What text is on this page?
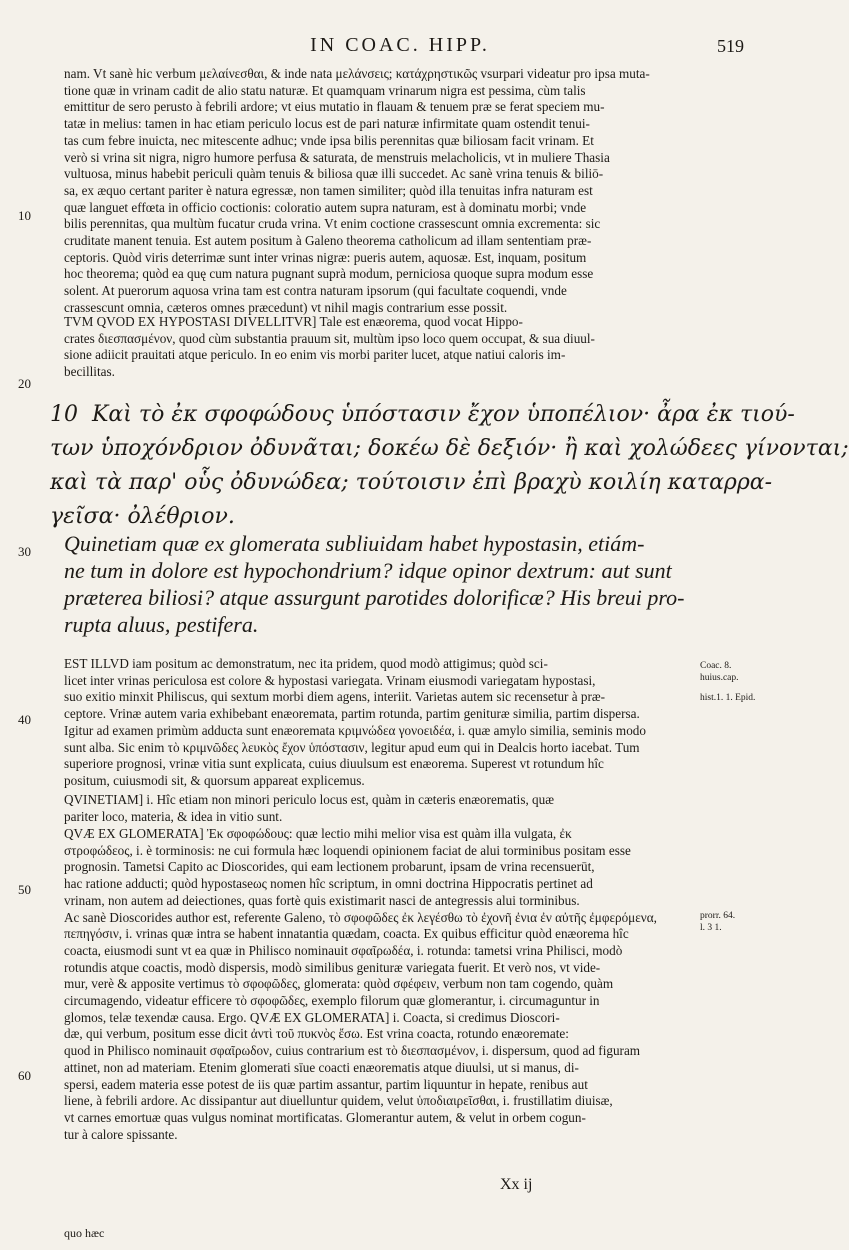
IN COAC. HIPP.	519
nam. Vt sanè hic verbum μελαίνεσθαι, & inde nata μελάνσεις; κατάχρηστικῶς vsurpari videatur pro ipsa muta-
tione quæ in vrinam cadit de alio statu naturæ. Et quamquam vrinarum nigra est pessima, cùm talis
emittitur de sero perusto à febrili ardore; vt eius mutatio in flauam & tenuem præ se ferat speciem mu-
tatæ in melius: tamen in hac etiam periculo locus est de pari naturæ infirmitate quam ostendit tenui-
tas cum febre inuicta, nec mitescente adhuc; vnde ipsa bilis perennitas quæ biliosam facit vrinam. Et
verò si vrina sit nigra, nigro humore perfusa & saturata, de menstruis melacholicis, vt in muliere Thasia
vultuosa, minus habebit periculi quàm tenuis & biliosa quæ illi succedet. Ac sanè vrina tenuis & biliō-
sa, ex æquo certant pariter è natura egressæ, non tamen similiter; quòd illa tenuitas infra naturam est
quæ languet effœta in officio coctionis: coloratio autem supra naturam, est à dominatu morbi; vnde
bilis perennitas, qua multùm fucatur cruda vrina. Vt enim coctione crassescunt omnia excrementa: sic
cruditate manent tenuia. Est autem positum à Galeno theorema catholicum ad illam sententiam præ-
ceptoris. Quòd viris deterrimæ sunt inter vrinas nigræ: pueris autem, aquosæ. Est, inquam, positum
hoc theorema; quòd ea quę cum natura pugnant suprà modum, perniciosa quoque supra modum esse
solent. At puerorum aquosa vrina tam est contra naturam ipsorum (qui facultate coquendi, vnde
crassescunt omnia, cæteros omnes præcedunt) vt nihil magis contrarium esse possit.
TVM QVOD EX HYPOSTASI DIVELLITVR] Tale est enæorema, quod vocat Hippo-
crates διεσπασμένον, quod cùm substantia prauum sit, multùm ipso loco quem occupat, & sua diuul-
sione adiicit prauitati atque periculo. In eo enim vis morbi pariter lucet, atque natiui caloris im-
becillitas.
10
20
30
40
50
60
10 Καὶ τὸ ἐκ σφοφώδους ὑπόστασιν ἔχον ὑποπέλιον· ἆρα ἐκ τιού-
των ὑποχόνδριον ὀδυνᾶται; δοκέω δὲ δεξιόν· ἢ καὶ χολώδεες γίνονται;
καὶ τὰ παρ' οὗς ὀδυνώδεα; τούτοισιν ἐπὶ βραχὺ κοιλίη καταρρα-
γεῖσα· ὀλέθριον.
Quinetiam quæ ex glomerata subliuidam habet hypostasin, etiám-
ne tum in dolore est hypochondrium? idque opinor dextrum: aut sunt
præterea biliosi? atque assurgunt parotides dolorificæ? His breui pro-
rupta aluus, pestifera.
EST ILLVD iam positum ac demonstratum, nec ita pridem, quod modò attigimus; quòd sci-
licet inter vrinas periculosa est colore & hypostasi variegata. Vrinam eiusmodi variegatam hypostasi,
suo exitio minxit Philiscus, qui sextum morbi diem agens, interiit. Varietas autem sic recensetur à præ-
ceptore. Vrinæ autem varia exhibebant enæoremata, partim rotunda, partim genituræ similia, partim dispersa.
Igitur ad examen primùm adducta sunt enæoremata κριμνώδεα γονοειδέα, i. quæ amylo similia, seminis modo
sunt alba. Sic enim τὸ κριμνῶδες λευκὸς ἔχον ὑπόστασιν, legitur apud eum qui in Dealcis horto iacebat. Tum
superiore prognosi, vrinæ vitia sunt explicata, cuius diuulsum est enæorema. Superest vt rotundum hîc
positum, cuiusmodi sit, & quorsum appareat explicemus.
QVINETIAM] i. Hîc etiam non minori periculo locus est, quàm in cæteris enæorematis, quæ
pariter loco, materia, & idea in vitio sunt.
QVÆ EX GLOMERATA] Ἐκ σφοφώδους: quæ lectio mihi melior visa est quàm illa vulgata, ἐκ
στροφώδεος, i. è torminosis: ne cui formula hæc loquendi opinionem faciat de alui torminibus positam esse
prognosin. Tametsi Capito ac Dioscorides, qui eam lectionem probarunt, ipsam de vrina recensuerūt,
hac ratione adducti; quòd hypostaseως nomen hîc scriptum, in omni doctrina Hippocratis pertinet ad
vrinam, non autem ad deiectiones, quas fortè quis existimarit nasci de antegressis alui torminibus.
Ac sanè Dioscorides author est, referente Galeno, τὸ σφοφῶδες ἐκ λεγέσθω τὸ ἐχονῆ ἐνια ἐν αὐτῆς ἐμφερόμενα,
πεπηγόσιν, i. vrinas quæ intra se habent innatantia quædam, coacta. Ex quibus efficitur quòd enæorema hîc
coacta, eiusmodi sunt vt ea quæ in Philisco nominauit σφαῖρωδέα, i. rotunda: tametsi vrina Philisci, modò
rotundis atque coactis, modò dispersis, modò similibus genituræ variegata fuerit. Et verò nos, vt vide-
mur, verè & apposite vertimus τὸ σφοφῶδες, glomerata: quòd σφέφειν, verbum non tam cogendo, quàm
circumagendo, videatur efficere τὸ σφοφῶδες, exemplo filorum quæ glomerantur, i. circumaguntur in
glomos, telæ texendæ causa. Ergo. QVÆ EX GLOMERATA] i. Coacta, si credimus Dioscori-
dæ, qui verbum, positum esse dicit ἀντὶ τοῦ πυκνὸς ἔσω. Est vrina coacta, rotundo enæoremate:
quod in Philisco nominauit σφαῖρωδον, cuius contrarium est τὸ διεσπασμένον, i. dispersum, quod ad figuram
attinet, non ad materiam. Etenim glomerati sīue coacti enæorematis atque diuulsi, ut si manus, di-
spersi, eadem materia esse potest de iis quæ partim assantur, partim liquuntur in hepate, renibus aut
liene, à febrili ardore. Ac dissipantur aut diuelluntur quidem, velut ὑποδιαιρεῖσθαι, i. frustillatim diuisæ,
vt carnes emortuæ quas vulgus nominat mortificatas. Glomerantur autem, & velut in orbem cogun-
tur à calore spissante.
Coac. 8.
huius.cap.
hist.1. 1. Epid.
prorr. 64.
l. 3 1.
Xx ij
quo hæc
